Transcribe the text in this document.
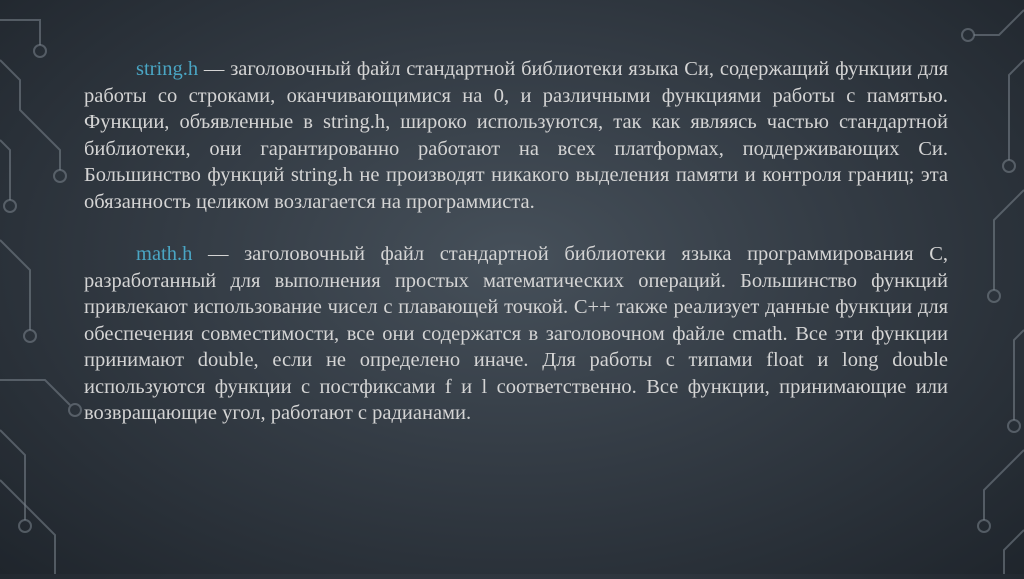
string.h — заголовочный файл стандартной библиотеки языка Си, содержащий функции для работы со строками, оканчивающимися на 0, и различными функциями работы с памятью. Функции, объявленные в string.h, широко используются, так как являясь частью стандартной библиотеки, они гарантированно работают на всех платформах, поддерживающих Си. Большинство функций string.h не производят никакого выделения памяти и контроля границ; эта обязанность целиком возлагается на программиста.

math.h — заголовочный файл стандартной библиотеки языка программирования С, разработанный для выполнения простых математических операций. Большинство функций привлекают использование чисел с плавающей точкой. C++ также реализует данные функции для обеспечения совместимости, все они содержатся в заголовочном файле cmath. Все эти функции принимают double, если не определено иначе. Для работы с типами float и long double используются функции с постфиксами f и l соответственно. Все функции, принимающие или возвращающие угол, работают с радианами.
